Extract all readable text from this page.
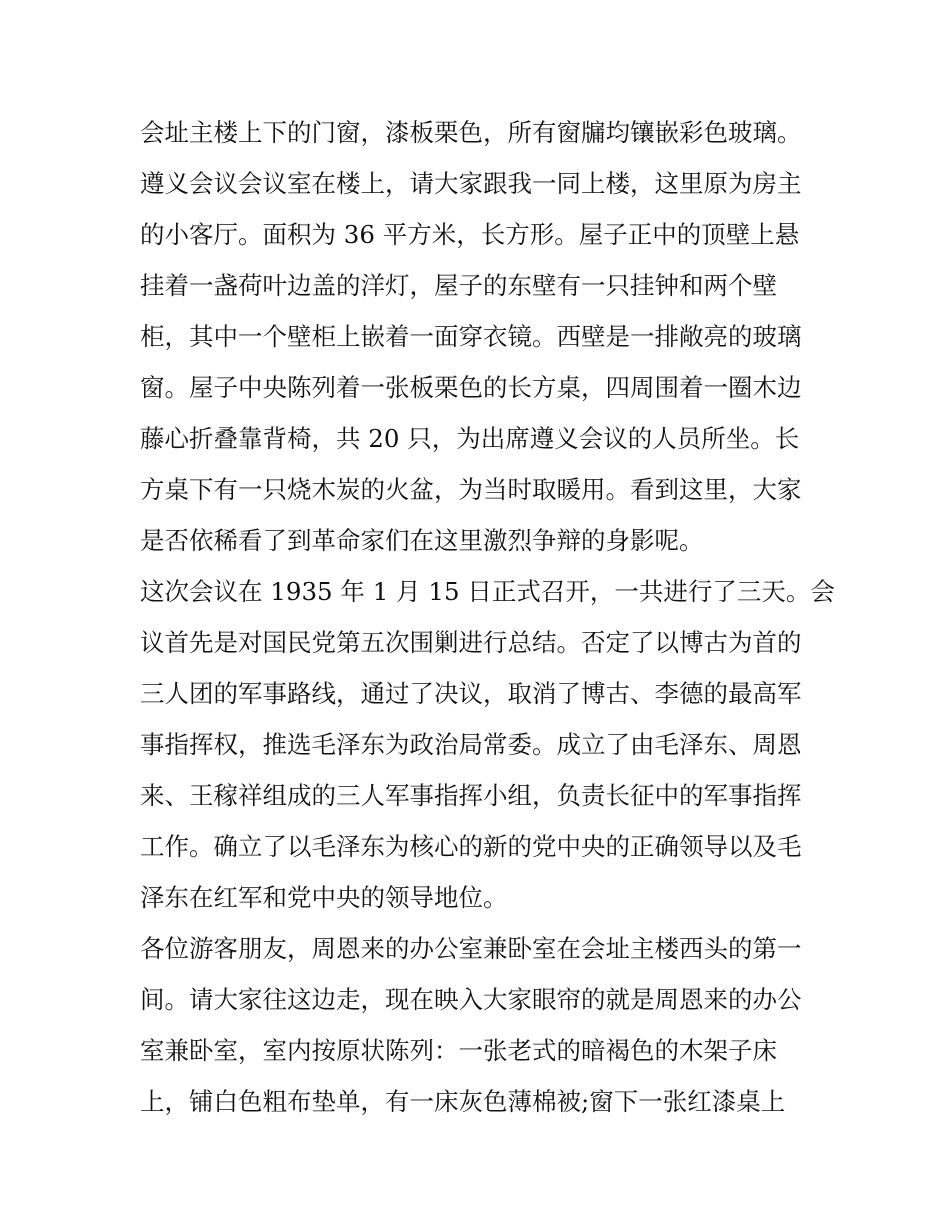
会址主楼上下的门窗，漆板栗色，所有窗牖均镶嵌彩色玻璃。
遵义会议会议室在楼上，请大家跟我一同上楼，这里原为房主
的小客厅。面积为 36 平方米，长方形。屋子正中的顶壁上悬
挂着一盏荷叶边盖的洋灯，屋子的东壁有一只挂钟和两个壁
柜，其中一个壁柜上嵌着一面穿衣镜。西壁是一排敞亮的玻璃
窗。屋子中央陈列着一张板栗色的长方桌，四周围着一圈木边
藤心折叠靠背椅，共 20 只，为出席遵义会议的人员所坐。长
方桌下有一只烧木炭的火盆，为当时取暖用。看到这里，大家
是否依稀看了到革命家们在这里激烈争辩的身影呢。
这次会议在 1935 年 1 月 15 日正式召开，一共进行了三天。会
议首先是对国民党第五次围剿进行总结。否定了以博古为首的
三人团的军事路线，通过了决议，取消了博古、李德的最高军
事指挥权，推选毛泽东为政治局常委。成立了由毛泽东、周恩
来、王稼祥组成的三人军事指挥小组，负责长征中的军事指挥
工作。确立了以毛泽东为核心的新的党中央的正确领导以及毛
泽东在红军和党中央的领导地位。
各位游客朋友，周恩来的办公室兼卧室在会址主楼西头的第一
间。请大家往这边走，现在映入大家眼帘的就是周恩来的办公
室兼卧室，室内按原状陈列：一张老式的暗褐色的木架子床
上，铺白色粗布垫单，有一床灰色薄棉被;窗下一张红漆桌上
